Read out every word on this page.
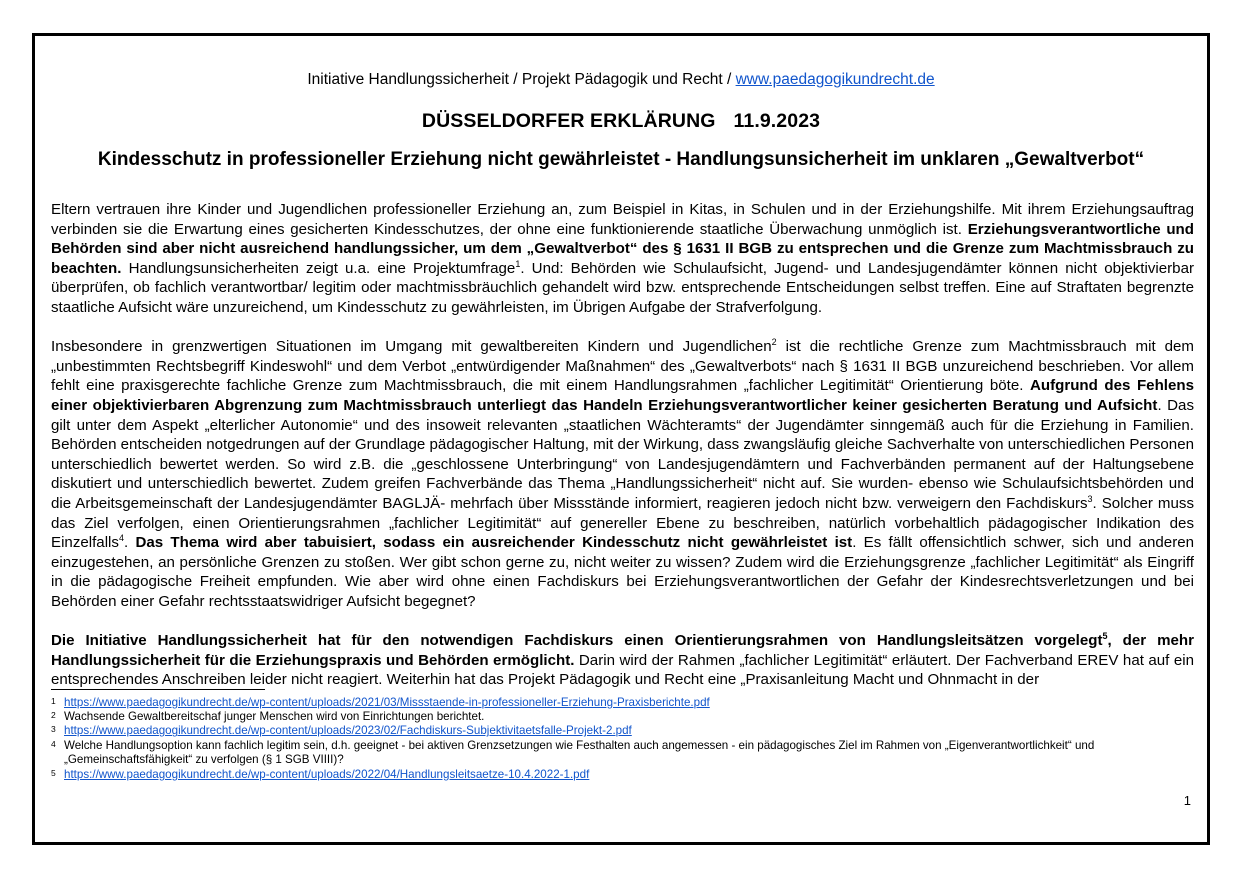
Initiative Handlungssicherheit / Projekt Pädagogik und Recht / www.paedagogikundrecht.de
DÜSSELDORFER ERKLÄRUNG 11.9.2023
Kindesschutz in professioneller Erziehung nicht gewährleistet - Handlungsunsicherheit im unklaren „Gewaltverbot“

Eltern vertrauen ihre Kinder und Jugendlichen professioneller Erziehung an, zum Beispiel in Kitas, in Schulen und in der Erziehungshilfe. Mit ihrem Erziehungsauftrag verbinden sie die Erwartung eines gesicherten Kindesschutzes, der ohne eine funktionierende staatliche Überwachung unmöglich ist. Erziehungsverantwortliche und Behörden sind aber nicht ausreichend handlungssicher, um dem „Gewaltverbot“ des § 1631 II BGB zu entsprechen und die Grenze zum Machtmissbrauch zu beachten. Handlungsunsicherheiten zeigt u.a. eine Projektumfrage$^1$. Und: Behörden wie Schulaufsicht, Jugend- und Landesjugendämter können nicht objektivierbar überprüfen, ob fachlich verantwortbar/ legitim oder machtmissbräuchlich gehandelt wird bzw. entsprechende Entscheidungen selbst treffen. Eine auf Straftaten begrenzte staatliche Aufsicht wäre unzureichend, um Kindesschutz zu gewährleisten, im Übrigen Aufgabe der Strafverfolgung.

Insbesondere in grenzwertigen Situationen im Umgang mit gewaltbereiten Kindern und Jugendlichen$^2$ ist die rechtliche Grenze zum Machtmissbrauch mit dem „unbestimmten Rechtsbegriff Kindeswohl“ und dem Verbot „entwürdigender Maßnahmen“ des „Gewaltverbots“ nach § 1631 II BGB unzureichend beschrieben. Vor allem fehlt eine praxisgerechte fachliche Grenze zum Machtmissbrauch, die mit einem Handlungsrahmen „fachlicher Legitimität“ Orientierung böte. Aufgrund des Fehlens einer objektivierbaren Abgrenzung zum Machtmissbrauch unterliegt das Handeln Erziehungsverantwortlicher keiner gesicherten Beratung und Aufsicht. Das gilt unter dem Aspekt „elterlicher Autonomie“ und des insoweit relevanten „staatlichen Wächteramts“ der Jugendämter sinngemäß auch für die Erziehung in Familien. Behörden entscheiden notgedrungen auf der Grundlage pädagogischer Haltung, mit der Wirkung, dass zwangsläufig gleiche Sachverhalte von unterschiedlichen Personen unterschiedlich bewertet werden. So wird z.B. die „geschlossene Unterbringung“ von Landesjugendämtern und Fachverbänden permanent auf der Haltungsebene diskutiert und unterschiedlich bewertet. Zudem greifen Fachverbände das Thema „Handlungssicherheit“ nicht auf. Sie wurden- ebenso wie Schulaufsichtsbehörden und die Arbeitsgemeinschaft der Landesjugendämter BAGLJÄ- mehrfach über Missstände informiert, reagieren jedoch nicht bzw. verweigern den Fachdiskurs$^3$. Solcher muss das Ziel verfolgen, einen Orientierungsrahmen „fachlicher Legitimität“ auf genereller Ebene zu beschreiben, natürlich vorbehaltlich pädagogischer Indikation des Einzelfalls$^4$. Das Thema wird aber tabuisiert, sodass ein ausreichender Kindesschutz nicht gewährleistet ist. Es fällt offensichtlich schwer, sich und anderen einzugestehen, an persönliche Grenzen zu stoßen. Wer gibt schon gerne zu, nicht weiter zu wissen? Zudem wird die Erziehungsgrenze „fachlicher Legitimität“ als Eingriff in die pädagogische Freiheit empfunden. Wie aber wird ohne einen Fachdiskurs bei Erziehungsverantwortlichen der Gefahr der Kindesrechtsverletzungen und bei Behörden einer Gefahr rechtsstaatswidriger Aufsicht begegnet?

Die Initiative Handlungssicherheit hat für den notwendigen Fachdiskurs einen Orientierungsrahmen von Handlungsleitsätzen vorgelegt$^5$, der mehr Handlungssicherheit für die Erziehungspraxis und Behörden ermöglicht. Darin wird der Rahmen „fachlicher Legitimität“ erläutert. Der Fachverband EREV hat auf ein entsprechendes Anschreiben leider nicht reagiert. Weiterhin hat das Projekt Pädagogik und Recht eine „Praxisanleitung Macht und Ohnmacht in der

1 https://www.paedagogikundrecht.de/wp-content/uploads/2021/03/Missstaende-in-professioneller-Erziehung-Praxisberichte.pdf
2 Wachsende Gewaltbereitschaf junger Menschen wird von Einrichtungen berichtet.
3 https://www.paedagogikundrecht.de/wp-content/uploads/2023/02/Fachdiskurs-Subjektivitaetsfalle-Projekt-2.pdf
4 Welche Handlungsoption kann fachlich legitim sein, d.h. geeignet - bei aktiven Grenzsetzungen wie Festhalten auch angemessen - ein pädagogisches Ziel im Rahmen von „Eigenverantwortlichkeit“ und „Gemeinschaftsfähigkeit“ zu verfolgen (§ 1 SGB VIIII)?
5 https://www.paedagogikundrecht.de/wp-content/uploads/2022/04/Handlungsleitsaetze-10.4.2022-1.pdf
1
